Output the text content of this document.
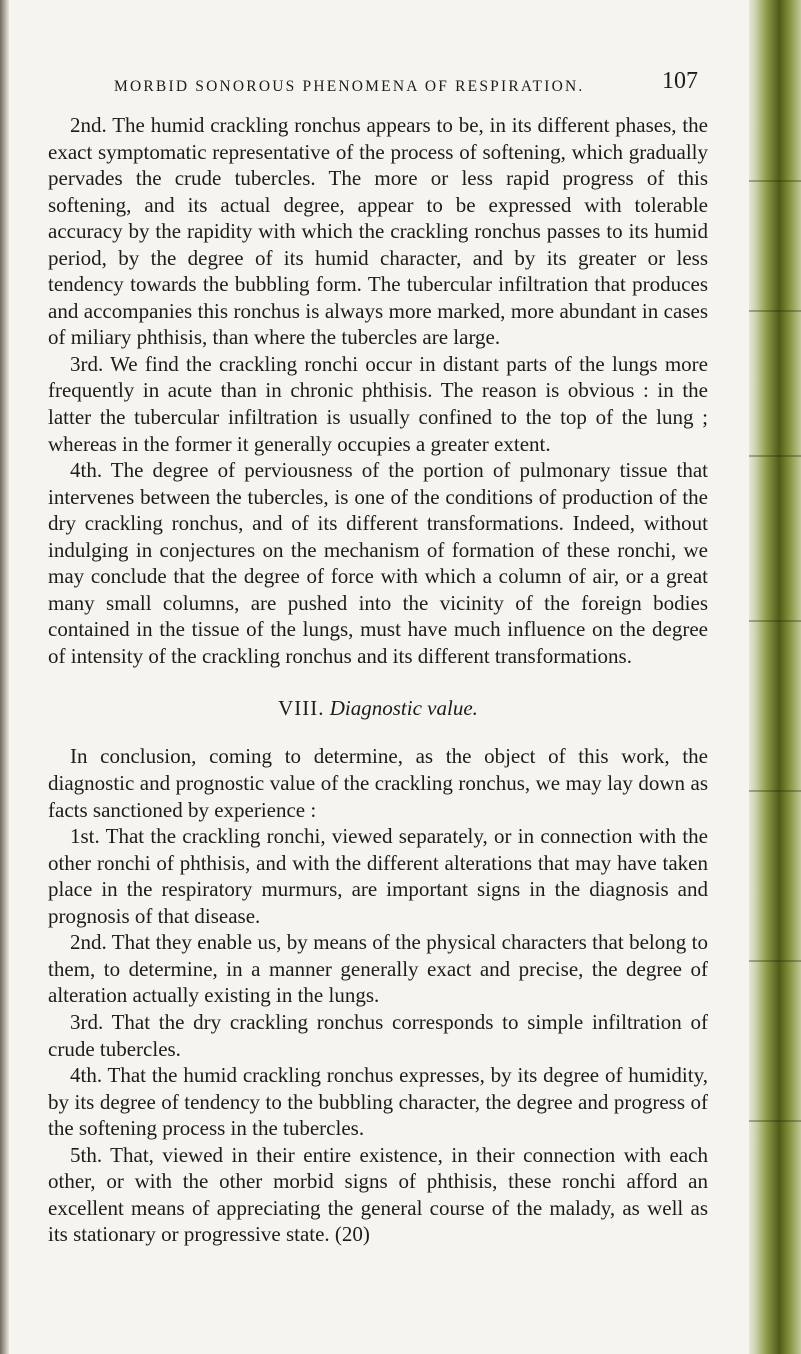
MORBID SONOROUS PHENOMENA OF RESPIRATION.	107

2nd. The humid crackling ronchus appears to be, in its different phases, the exact symptomatic representative of the process of softening, which gradually pervades the crude tubercles. The more or less rapid progress of this softening, and its actual degree, appear to be expressed with tolerable accuracy by the rapidity with which the crackling ronchus passes to its humid period, by the degree of its humid character, and by its greater or less tendency towards the bubbling form. The tubercular infiltration that produces and accompanies this ronchus is always more marked, more abundant in cases of miliary phthisis, than where the tubercles are large.

3rd. We find the crackling ronchi occur in distant parts of the lungs more frequently in acute than in chronic phthisis. The reason is obvious : in the latter the tubercular infiltration is usually confined to the top of the lung ; whereas in the former it generally occupies a greater extent.

4th. The degree of perviousness of the portion of pulmonary tissue that intervenes between the tubercles, is one of the conditions of production of the dry crackling ronchus, and of its different transformations. Indeed, without indulging in conjectures on the mechanism of formation of these ronchi, we may conclude that the degree of force with which a column of air, or a great many small columns, are pushed into the vicinity of the foreign bodies contained in the tissue of the lungs, must have much influence on the degree of intensity of the crackling ronchus and its different transformations.

VIII. Diagnostic value.

In conclusion, coming to determine, as the object of this work, the diagnostic and prognostic value of the crackling ronchus, we may lay down as facts sanctioned by experience :

1st. That the crackling ronchi, viewed separately, or in connection with the other ronchi of phthisis, and with the different alterations that may have taken place in the respiratory murmurs, are important signs in the diagnosis and prognosis of that disease.

2nd. That they enable us, by means of the physical characters that belong to them, to determine, in a manner generally exact and precise, the degree of alteration actually existing in the lungs.

3rd. That the dry crackling ronchus corresponds to simple infiltration of crude tubercles.

4th. That the humid crackling ronchus expresses, by its degree of humidity, by its degree of tendency to the bubbling character, the degree and progress of the softening process in the tubercles.

5th. That, viewed in their entire existence, in their connection with each other, or with the other morbid signs of phthisis, these ronchi afford an excellent means of appreciating the general course of the malady, as well as its stationary or progressive state. (20)
